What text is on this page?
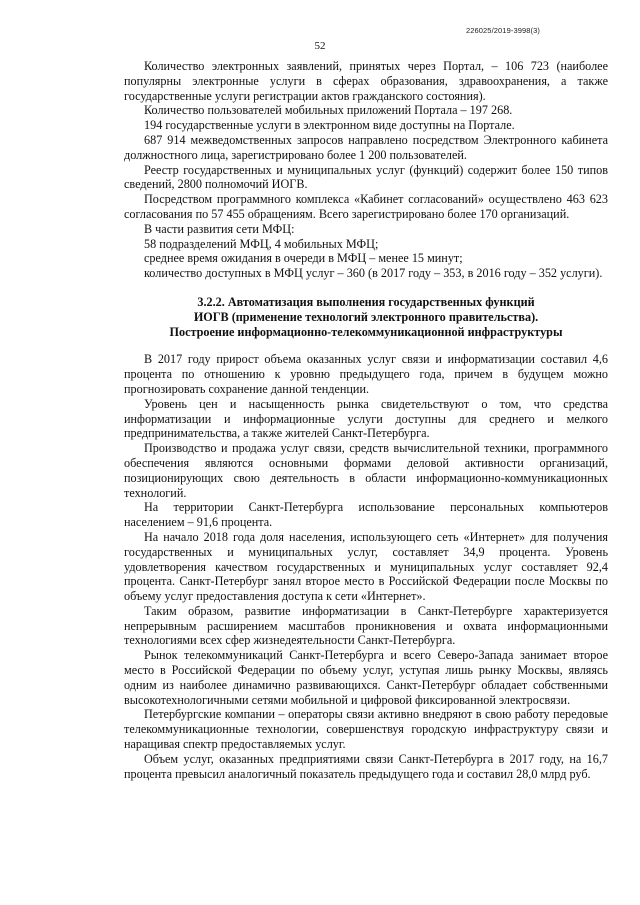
226025/2019-3998(3)
52

Количество электронных заявлений, принятых через Портал, – 106 723 (наиболее популярны электронные услуги в сферах образования, здравоохранения, а также государственные услуги регистрации актов гражданского состояния).

Количество пользователей мобильных приложений Портала – 197 268.

194 государственные услуги в электронном виде доступны на Портале.

687 914 межведомственных запросов направлено посредством Электронного кабинета должностного лица, зарегистрировано более 1 200 пользователей.

Реестр государственных и муниципальных услуг (функций) содержит более 150 типов сведений, 2800 полномочий ИОГВ.

Посредством программного комплекса «Кабинет согласований» осуществлено 463 623 согласования по 57 455 обращениям. Всего зарегистрировано более 170 организаций.

В части развития сети МФЦ:

58 подразделений МФЦ, 4 мобильных МФЦ;

среднее время ожидания в очереди в МФЦ – менее 15 минут;

количество доступных в МФЦ услуг – 360 (в 2017 году – 353, в 2016 году – 352 услуги).

3.2.2. Автоматизация выполнения государственных функций
ИОГВ (применение технологий электронного правительства).
Построение информационно-телекоммуникационной инфраструктуры

В 2017 году прирост объема оказанных услуг связи и информатизации составил 4,6 процента по отношению к уровню предыдущего года, причем в будущем можно прогнозировать сохранение данной тенденции.

Уровень цен и насыщенность рынка свидетельствуют о том, что средства информатизации и информационные услуги доступны для среднего и мелкого предпринимательства, а также жителей Санкт-Петербурга.

Производство и продажа услуг связи, средств вычислительной техники, программного обеспечения являются основными формами деловой активности организаций, позиционирующих свою деятельность в области информационно-коммуникационных технологий.

На территории Санкт-Петербурга использование персональных компьютеров населением – 91,6 процента.

На начало 2018 года доля населения, использующего сеть «Интернет» для получения государственных и муниципальных услуг, составляет 34,9 процента. Уровень удовлетворения качеством государственных и муниципальных услуг составляет 92,4 процента. Санкт-Петербург занял второе место в Российской Федерации после Москвы по объему услуг предоставления доступа к сети «Интернет».

Таким образом, развитие информатизации в Санкт-Петербурге характеризуется непрерывным расширением масштабов проникновения и охвата информационными технологиями всех сфер жизнедеятельности Санкт-Петербурга.

Рынок телекоммуникаций Санкт-Петербурга и всего Северо-Запада занимает второе место в Российской Федерации по объему услуг, уступая лишь рынку Москвы, являясь одним из наиболее динамично развивающихся. Санкт-Петербург обладает собственными высокотехнологичными сетями мобильной и цифровой фиксированной электросвязи.

Петербургские компании – операторы связи активно внедряют в свою работу передовые телекоммуникационные технологии, совершенствуя городскую инфраструктуру связи и наращивая спектр предоставляемых услуг.

Объем услуг, оказанных предприятиями связи Санкт-Петербурга в 2017 году, на 16,7 процента превысил аналогичный показатель предыдущего года и составил 28,0 млрд руб.
